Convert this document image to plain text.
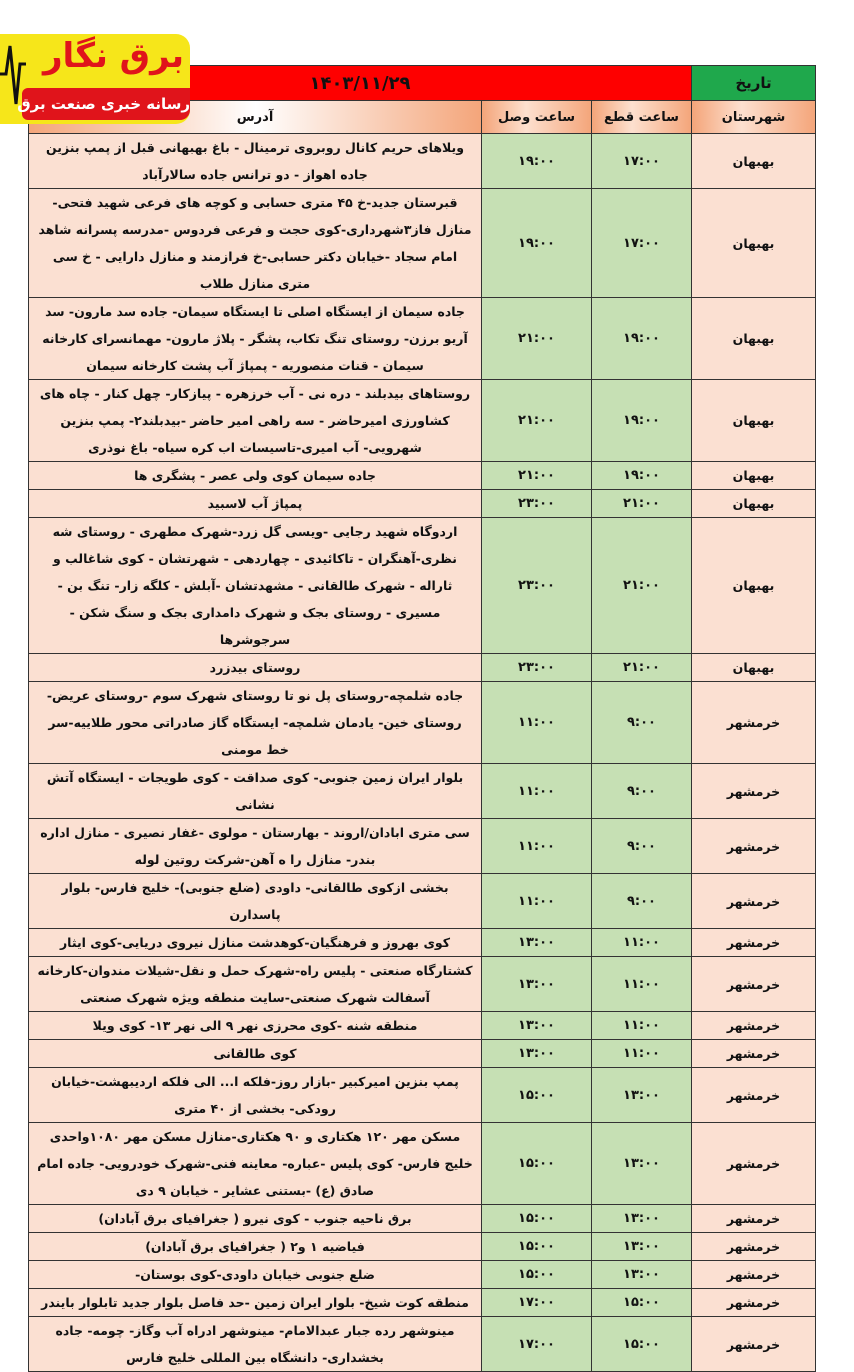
برق نگار
رسانه خبری صنعت برق
تاریخ	۱۴۰۳/۱۱/۲۹		
شهرستان	ساعت قطع	ساعت وصل	آدرس
بهبهان	۱۷:۰۰	۱۹:۰۰	ویلاهای حریم کانال روبروی ترمینال - باغ بهبهانی قبل از پمپ بنزین جاده اهواز - دو ترانس جاده سالارآباد
بهبهان	۱۷:۰۰	۱۹:۰۰	قبرستان جدید-خ ۴۵ متری حسابی و کوچه های فرعی شهید فتحی- منازل فاز۳شهرداری-کوی حجت و فرعی فردوس -مدرسه پسرانه شاهد امام سجاد -خیابان دکتر حسابی-خ فرازمند و منازل دارایی - خ سی متری منازل طلاب
بهبهان	۱۹:۰۰	۲۱:۰۰	جاده سیمان از ایستگاه اصلی تا ایستگاه سیمان- جاده سد مارون- سد آریو برزن- روستای تنگ تکاب، پشگر - پلاژ مارون- مهمانسرای کارخانه سیمان - قنات منصوریه - پمپاژ آب پشت کارخانه سیمان
بهبهان	۱۹:۰۰	۲۱:۰۰	روستاهای بیدبلند - دره نی - آب خرزهره - پیازکار- چهل کنار - چاه های کشاورزی امیرحاضر - سه راهی امیر حاضر -بیدبلند۲- پمپ بنزین شهرویی- آب امیری-تاسیسات اب کره سیاه- باغ نوذری
بهبهان	۱۹:۰۰	۲۱:۰۰	جاده سیمان کوی ولی عصر - پشگری ها
بهبهان	۲۱:۰۰	۲۳:۰۰	پمپاژ آب لاسبید
بهبهان	۲۱:۰۰	۲۳:۰۰	اردوگاه شهید رجایی -ویسی گل زرد-شهرک مطهری - روستای شه نظری-آهنگران - تاکائیدی - چهاردهی - شهرتشان - کوی شاغالب و ثاراله - شهرک طالقانی - مشهدتشان -آبلش - کلگه زار- تنگ بن - مسیری - روستای بجک و شهرک دامداری بجک و سنگ شکن - سرجوشرها
بهبهان	۲۱:۰۰	۲۳:۰۰	روستای بیدزرد
خرمشهر	۹:۰۰	۱۱:۰۰	جاده شلمچه-روستای پل نو تا روستای شهرک سوم -روستای عریض-روستای خین- یادمان شلمچه- ایستگاه گاز صادراتی محور طلاییه-سر خط مومنی
خرمشهر	۹:۰۰	۱۱:۰۰	بلوار ایران زمین جنوبی- کوی صداقت - کوی طویجات - ایستگاه آتش نشانی
خرمشهر	۹:۰۰	۱۱:۰۰	سی متری ابادان/اروند - بهارستان - مولوی -غفار نصیری - منازل اداره بندر- منازل را ه آهن-شرکت روتین لوله
خرمشهر	۹:۰۰	۱۱:۰۰	بخشی ازکوی طالقانی- داودی (ضلع جنوبی)- خلیج فارس- بلوار پاسدارن
خرمشهر	۱۱:۰۰	۱۳:۰۰	کوی بهروز و فرهنگیان-کوهدشت منازل نیروی دریایی-کوی ایثار
خرمشهر	۱۱:۰۰	۱۳:۰۰	کشتارگاه صنعتی - پلیس راه-شهرک حمل و نقل-شیلات مندوان-کارخانه آسفالت شهرک صنعتی-سایت منطقه ویژه شهرک صنعتی
خرمشهر	۱۱:۰۰	۱۳:۰۰	منطقه شنه -کوی محرزی نهر ۹ الی نهر ۱۳- کوی ویلا
خرمشهر	۱۱:۰۰	۱۳:۰۰	کوی طالقانی
خرمشهر	۱۳:۰۰	۱۵:۰۰	پمپ بنزین امیرکبیر -بازار روز-فلکه ا... الی فلکه اردیبهشت-خیابان رودکی- بخشی از ۴۰ متری
خرمشهر	۱۳:۰۰	۱۵:۰۰	مسکن مهر ۱۲۰ هکتاری و ۹۰ هکتاری-منازل مسکن مهر ۱۰۸۰واحدی خلیج فارس- کوی پلیس -عباره- معاینه فنی-شهرک خودرویی- جاده امام صادق (ع) -بستنی عشایر - خیابان ۹ دی
خرمشهر	۱۳:۰۰	۱۵:۰۰	برق ناحیه جنوب - کوی نیرو ( جغرافیای برق آبادان)
خرمشهر	۱۳:۰۰	۱۵:۰۰	فیاضیه ۱ و۲ ( جغرافیای برق آبادان)
خرمشهر	۱۳:۰۰	۱۵:۰۰	ضلع جنوبی خیابان داودی-کوی بوستان-
خرمشهر	۱۵:۰۰	۱۷:۰۰	منطقه کوت شیخ- بلوار ایران زمین -حد فاصل بلوار جدید تابلوار بایندر
خرمشهر	۱۵:۰۰	۱۷:۰۰	مینوشهر رده جبار عبدالامام- مینوشهر ادراه آب وگاز- چومه- جاده بخشداری- دانشگاه بین المللی خلیج فارس
